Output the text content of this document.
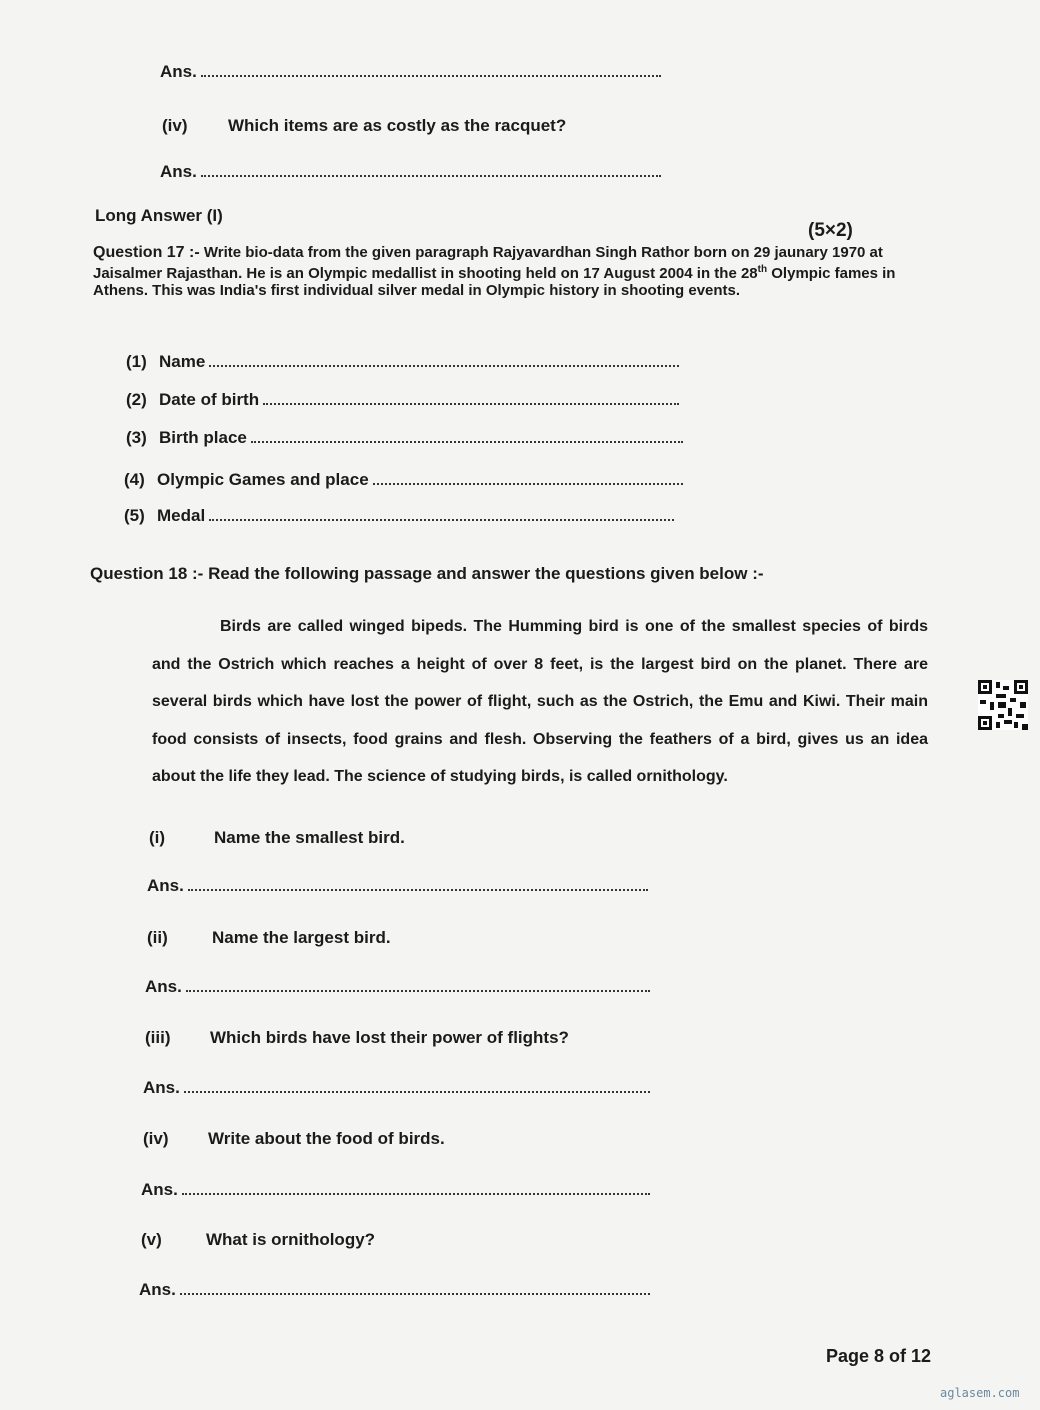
Ans.
(iv) Which items are as costly as the racquet?
Ans.
Long Answer (I)
(5×2)
Question 17 :- Write bio-data from the given paragraph Rajyavardhan Singh Rathor born on 29 jaunary 1970 at Jaisalmer Rajasthan. He is an Olympic medallist in shooting held on 17 August 2004 in the 28th Olympic fames in Athens. This was India's first individual silver medal in Olympic history in shooting events.
(1) Name
(2) Date of birth
(3) Birth place
(4) Olympic Games and place
(5) Medal
Question 18 :- Read the following passage and answer the questions given below :-
Birds are called winged bipeds. The Humming bird is one of the smallest species of birds and the Ostrich which reaches a height of over 8 feet, is the largest bird on the planet. There are several birds which have lost the power of flight, such as the Ostrich, the Emu and Kiwi. Their main food consists of insects, food grains and flesh. Observing the feathers of a bird, gives us an idea about the life they lead. The science of studying birds, is called ornithology.
(i)	Name the smallest bird.
Ans.
(ii)	Name the largest bird.
Ans.
(iii) Which birds have lost their power of flights?
Ans.
(iv) Write about the food of birds.
Ans.
(v)	What is ornithology?
Ans.
Page 8 of 12
aglasem.com
